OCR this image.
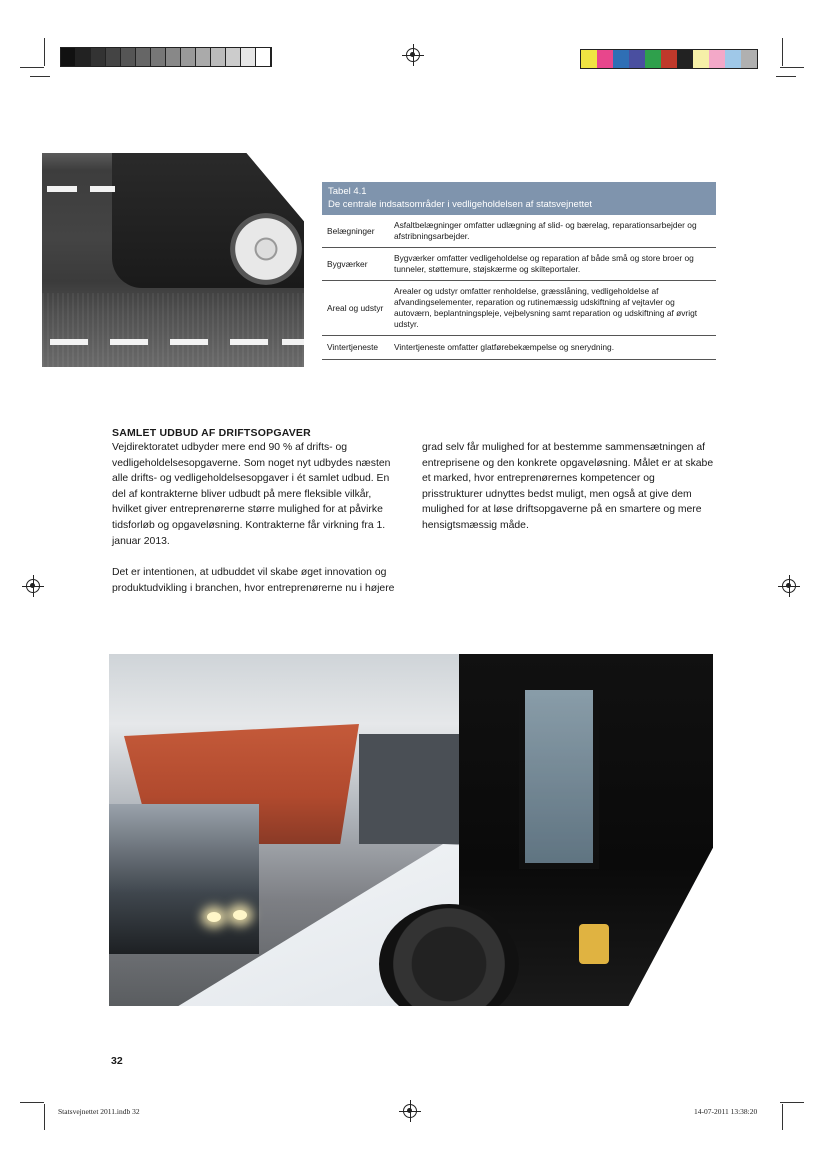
Tabel 4.1
De centrale indsatsområder i vedligeholdelsen af statsvejnettet
Belægninger
Asfaltbelægninger omfatter udlægning af slid- og bærelag, reparationsarbejder og afstribningsarbejder.
Bygværker
Bygværker omfatter vedligeholdelse og reparation af både små og store broer og tunneler, støttemure, støjskærme og skilteportaler.
Areal og udstyr
Arealer og udstyr omfatter renholdelse, græsslåning, vedligeholdelse af afvandingselementer, reparation og rutinemæssig udskiftning af vejtavler og autoværn, beplantningspleje, vejbelysning samt reparation og udskiftning af øvrigt udstyr.
Vintertjeneste	Vintertjeneste omfatter glatførebekæmpelse og snerydning.
SAMLET UDBUD AF DRIFTSOPGAVER

Vejdirektoratet udbyder mere end 90 % af drifts- og vedligeholdelsesopgaverne. Som noget nyt udbydes næsten alle drifts- og vedligeholdelsesopgaver i ét samlet udbud. En del af kontrakterne bliver udbudt på mere fleksible vilkår, hvilket giver entreprenørerne større mulighed for at påvirke tidsforløb og opgaveløsning. Kontrakterne får virkning fra 1. januar 2013.

Det er intentionen, at udbuddet vil skabe øget innovation og produktudvikling i branchen, hvor entreprenørerne nu i højere

grad selv får mulighed for at bestemme sammensætningen af entreprisene og den konkrete opgaveløsning. Målet er at skabe et marked, hvor entreprenørernes kompetencer og prisstrukturer udnyttes bedst muligt, men også at give dem mulighed for at løse driftsopgaverne på en smartere og mere hensigtsmæssig måde.

32
Statsvejnettet 2011.indb 32	14-07-2011 13:38:20
